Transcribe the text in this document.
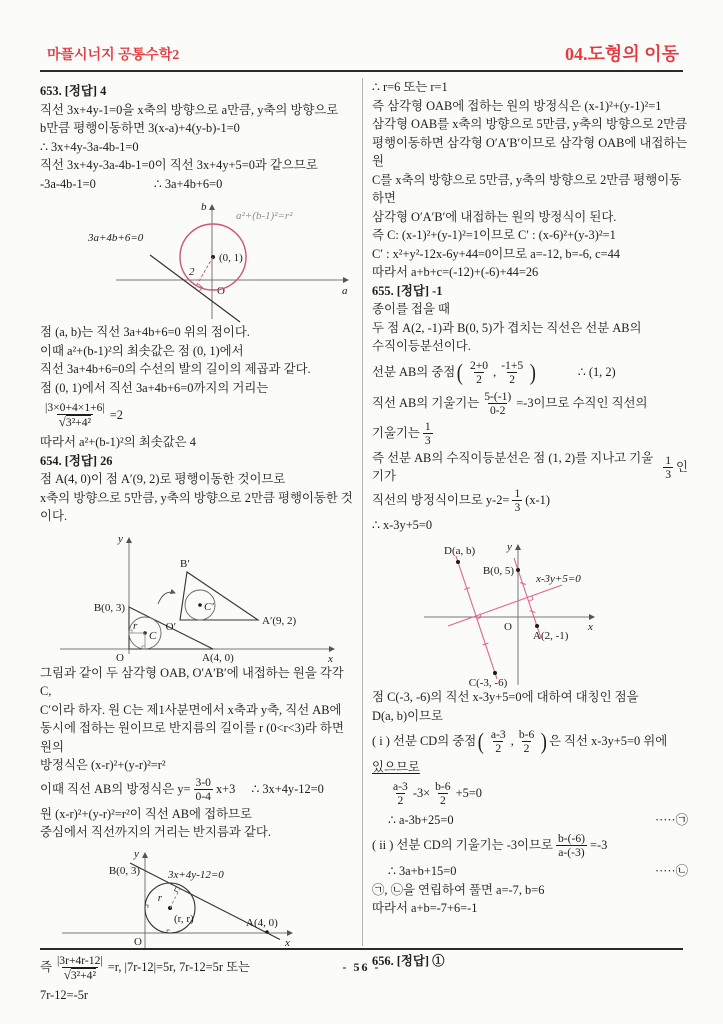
마플시너지 공통수학2	04.도형의 이동

653. [정답] 4

직선 3x+4y-1=0을 x축의 방향으로 a만큼, y축의 방향으로

b만큼 평행이동하면 3(x-a)+4(y-b)-1=0

∴ 3x+4y-3a-4b-1=0

직선 3x+4y-3a-4b-1=0이 직선 3x+4y+5=0과 같으므로

-3a-4b-1=0	∴ 3a+4b+6=0

b
a
O
(0, 1)
a²+(b-1)²=r²
3a+4b+6=0
2

점 (a, b)는 직선 3a+4b+6=0 위의 점이다.

이때 a²+(b-1)²의 최솟값은 점 (0, 1)에서

직선 3a+4b+6=0의 수선의 발의 길이의 제곱과 같다.

점 (0, 1)에서 직선 3a+4b+6=0까지의 거리는

$\frac{|3\times 0+4\times 1+6|}{\text{√ 3²+4²}} =2$

따라서 a²+(b-1)²의 최솟값은 4

654. [정답] 26

점 A(4, 0)이 점 A′(9, 2)로 평행이동한 것이므로

x축의 방향으로 5만큼, y축의 방향으로 2만큼 평행이동한 것이다.

y
x
O
r
C
B(0, 3)
A(4, 0)
C′
O′
B′
A′(9, 2)

그림과 같이 두 삼각형 OAB, O′A′B′에 내접하는 원을 각각 C,

C′이라 하자. 원 C는 제1사분면에서 x축과 y축, 직선 AB에

동시에 접하는 원이므로 반지름의 길이를 r (0<r<3)라 하면 원의

방정식은 (x-r)²+(y-r)²=r²

이때 직선 AB의 방정식은 $y= \frac{3-0}{0-4} x+3$ ∴ 3x+4y-12=0

원 (x-r)²+(y-r)²=r²이 직선 AB에 접하므로

중심에서 직선까지의 거리는 반지름과 같다.

y
x
O
3x+4y-12=0
B(0, 3)
(r, r)
r
A(4, 0)
즉 $\frac{|3r+4r-12|}{\text{√ 3²+4²}} =r$, |7r-12|=5r, 7r-12=5r 또는

7r-12=-5r

∴ r=6 또는 r=1

즉 삼각형 OAB에 접하는 원의 방정식은 (x-1)²+(y-1)²=1

삼각형 OAB를 x축의 방향으로 5만큼, y축의 방향으로 2만큼

평행이동하면 삼각형 O′A′B′이므로 삼각형 OAB에 내접하는 원

C를 x축의 방향으로 5만큼, y축의 방향으로 2만큼 평행이동하면

삼각형 O′A′B′에 내접하는 원의 방정식이 된다.

즉 C: (x-1)²+(y-1)²=1이므로 C′ : (x-6)²+(y-3)²=1

C′ : x²+y²-12x-6y+44=0이므로 a=-12, b=-6, c=44

따라서 a+b+c=(-12)+(-6)+44=26

655. [정답] -1

종이를 접을 때

두 점 A(2, -1)과 B(0, 5)가 겹치는 직선은 선분 AB의

수직이등분선이다.

선분 AB의 중점 ( $\frac{2+0}{2}$ , $\frac{-1+5}{2}$ )	∴ (1, 2)
직선 AB의 기울기는 $\frac{5-(-1)}{0-2} =-3$이므로 수직인 직선의
기울기는 $\frac{1}{3}$
즉 선분 AB의 수직이등분선은 점 (1, 2)를 지나고 기울기가	$\frac{1}{3}$ 인
직선의 방정식이므로 $y-2= \frac{1}{3} (x-1)$

∴ x-3y+5=0

y
x
O
x-3y+5=0
D(a, b)
B(0, 5)
A(2, -1)
C(-3, -6)

점 C(-3, -6)의 직선 x-3y+5=0에 대하여 대칭인 점을

D(a, b)이므로

( i ) 선분 CD의 중점 ( $\frac{a-3}{2}$ , $\frac{b-6}{2}$ ) 은 직선 x-3y+5=0 위에

있으므로

$\frac{a-3}{2} -3\times \frac{b-6}{2} +5=0$
∴ a-3b+25=0	·····㉠
( ii ) 선분 CD의 기울기는 -3이므로 $\frac{b-(-6)}{a-(-3)} =-3$
∴ 3a+b+15=0	·····㉡

㉠, ㉡을 연립하여 풀면 a=-7, b=6

따라서 a+b=-7+6=-1

656. [정답] ①

- 56 -
